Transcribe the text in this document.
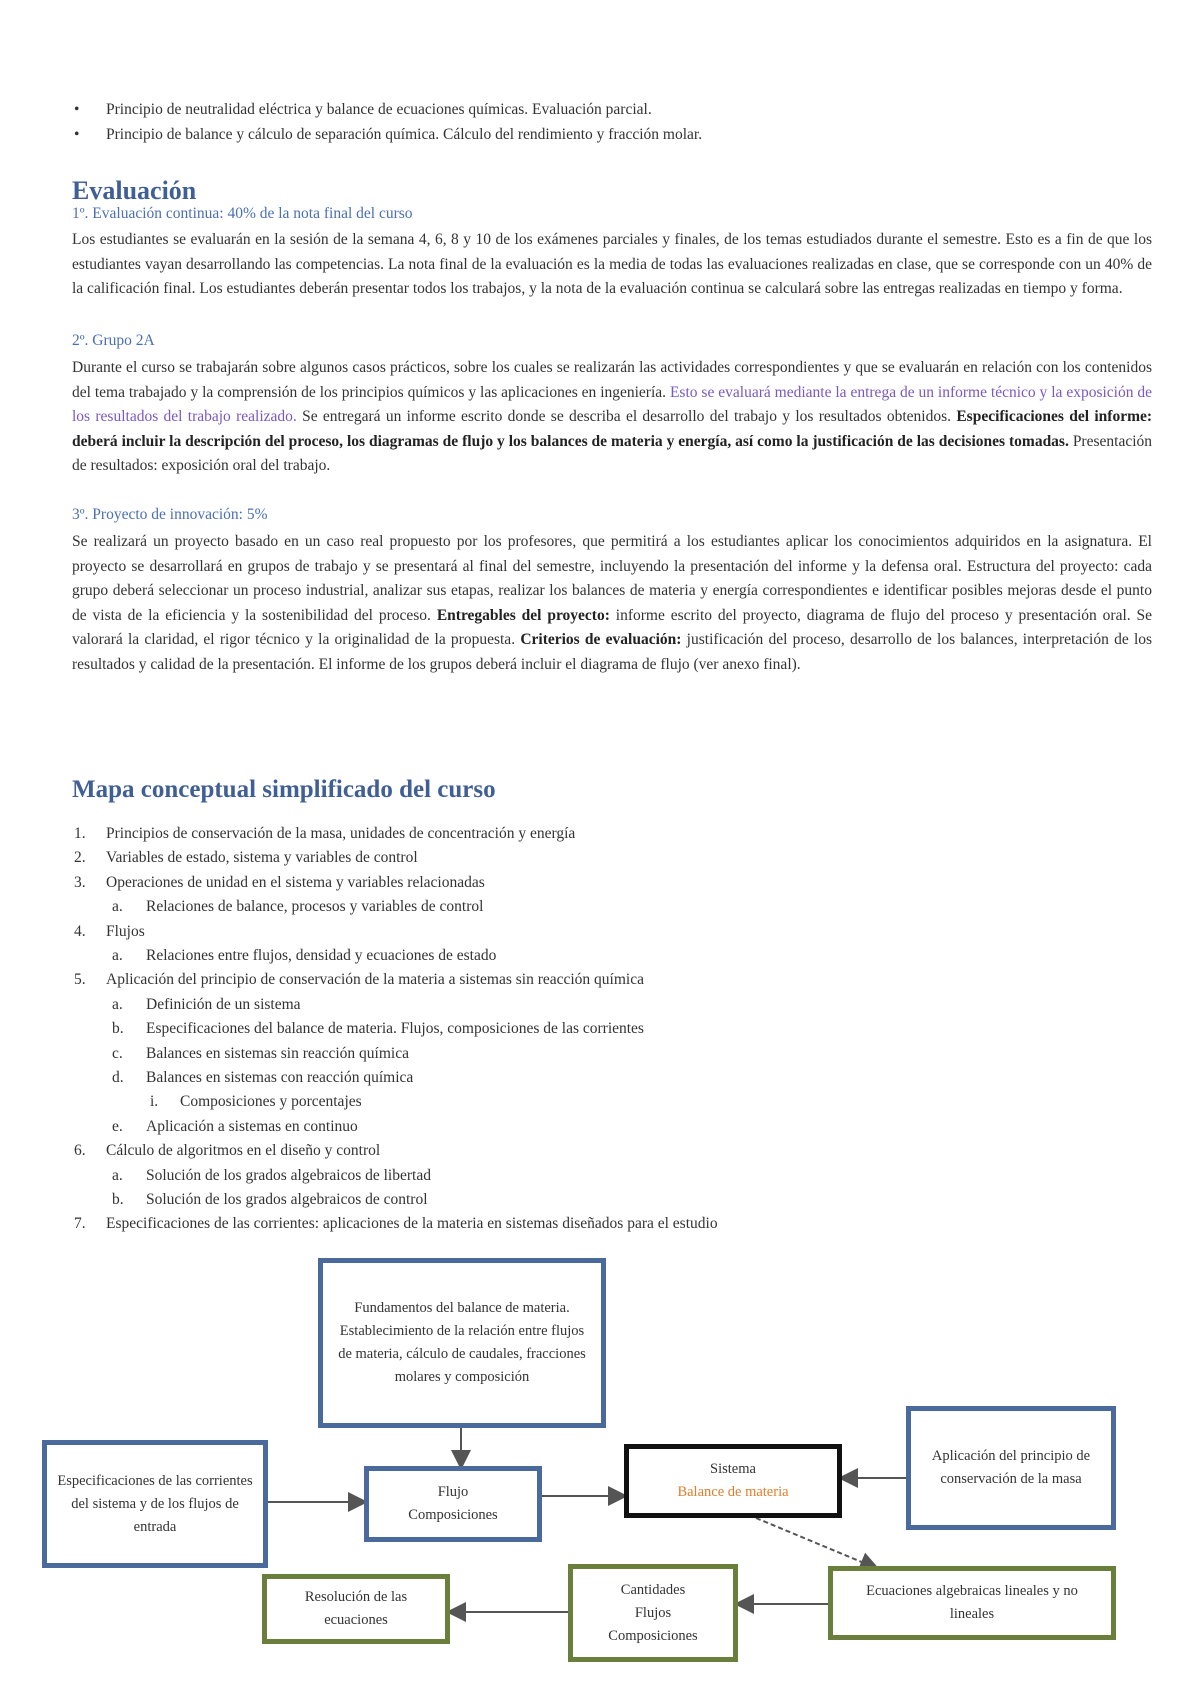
•	Principio de neutralidad eléctrica y balance de ecuaciones químicas. Evaluación parcial.
•	Principio de balance y cálculo de separación química. Cálculo del rendimiento y fracción molar.
Evaluación
1º. Evaluación continua: 40% de la nota final del curso
Los estudiantes se evaluarán en la sesión de la semana 4, 6, 8 y 10 de los exámenes parciales y finales, de los temas estudiados durante el semestre. Esto es a fin de que los estudiantes vayan desarrollando las competencias. La nota final de la evaluación es la media de todas las evaluaciones realizadas en clase, que se corresponde con un 40% de la calificación final. Los estudiantes deberán presentar todos los trabajos, y la nota de la evaluación continua se calculará sobre las entregas realizadas en tiempo y forma.
2º. Grupo 2A
Durante el curso se trabajarán sobre algunos casos prácticos, sobre los cuales se realizarán las actividades correspondientes y que se evaluarán en relación con los contenidos del tema trabajado y la comprensión de los principios químicos y las aplicaciones en ingeniería. Esto se evaluará mediante la entrega de un informe técnico y la exposición de los resultados del trabajo realizado. Se entregará un informe escrito donde se describa el desarrollo del trabajo y los resultados obtenidos. Especificaciones del informe: deberá incluir la descripción del proceso, los diagramas de flujo y los balances de materia y energía, así como la justificación de las decisiones tomadas. Presentación de resultados: exposición oral del trabajo.
3º. Proyecto de innovación: 5%
Se realizará un proyecto basado en un caso real propuesto por los profesores, que permitirá a los estudiantes aplicar los conocimientos adquiridos en la asignatura. El proyecto se desarrollará en grupos de trabajo y se presentará al final del semestre, incluyendo la presentación del informe y la defensa oral. Estructura del proyecto: cada grupo deberá seleccionar un proceso industrial, analizar sus etapas, realizar los balances de materia y energía correspondientes e identificar posibles mejoras desde el punto de vista de la eficiencia y la sostenibilidad del proceso. Entregables del proyecto: informe escrito del proyecto, diagrama de flujo del proceso y presentación oral. Se valorará la claridad, el rigor técnico y la originalidad de la propuesta. Criterios de evaluación: justificación del proceso, desarrollo de los balances, interpretación de los resultados y calidad de la presentación. El informe de los grupos deberá incluir el diagrama de flujo (ver anexo final).
Mapa conceptual simplificado del curso
1.	Principios de conservación de la masa, unidades de concentración y energía
2.	Variables de estado, sistema y variables de control
3.	Operaciones de unidad en el sistema y variables relacionadas
a.	Relaciones de balance, procesos y variables de control
4.	Flujos
a.	Relaciones entre flujos, densidad y ecuaciones de estado
5.	Aplicación del principio de conservación de la materia a sistemas sin reacción química
a.	Definición de un sistema
b.	Especificaciones del balance de materia. Flujos, composiciones de las corrientes
c.	Balances en sistemas sin reacción química
d.	Balances en sistemas con reacción química
i.	Composiciones y porcentajes
e.	Aplicación a sistemas en continuo
6.	Cálculo de algoritmos en el diseño y control
a.	Solución de los grados algebraicos de libertad
b.	Solución de los grados algebraicos de control
7.	Especificaciones de las corrientes: aplicaciones de la materia en sistemas diseñados para el estudio
Fundamentos del balance de materia. Establecimiento de la relación entre flujos de materia, cálculo de caudales, fracciones molares y composición
Especificaciones de las corrientes del sistema y de los flujos de entrada
Flujo
Composiciones
Sistema
Balance de materia
Aplicación del principio de conservación de la masa
Ecuaciones algebraicas lineales y no lineales
Cantidades
Flujos
Composiciones
Resolución de las ecuaciones
